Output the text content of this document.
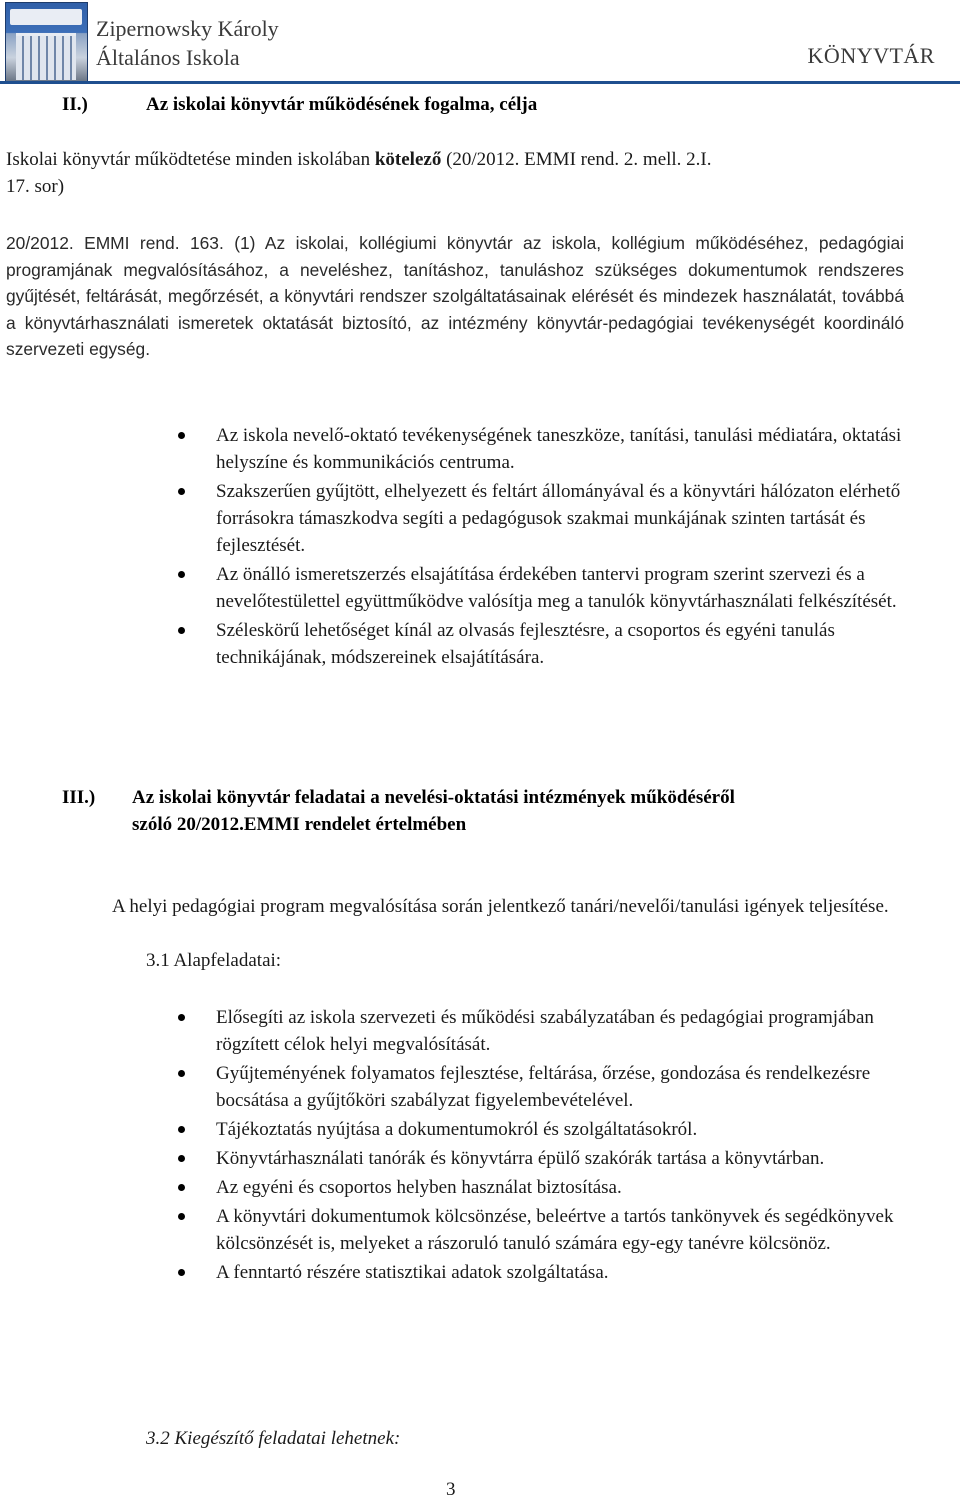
Zipernowsky Károly
Általános Iskola	KÖNYVTÁR
II.)	Az iskolai könyvtár működésének fogalma, célja
Iskolai könyvtár működtetése minden iskolában kötelező (20/2012. EMMI rend. 2. mell. 2.I.
17. sor)
20/2012. EMMI rend. 163. (1) Az iskolai, kollégiumi könyvtár az iskola, kollégium működéséhez, pedagógiai programjának megvalósításához, a neveléshez, tanításhoz, tanuláshoz szükséges dokumentumok rendszeres gyűjtését, feltárását, megőrzését, a könyvtári rendszer szolgáltatásainak elérését és mindezek használatát, továbbá a könyvtárhasználati ismeretek oktatását biztosító, az intézmény könyvtár-pedagógiai tevékenységét koordináló szervezeti egység.
Az iskola nevelő-oktató tevékenységének taneszköze, tanítási, tanulási médiatára, oktatási helyszíne és kommunikációs centruma.
Szakszerűen gyűjtött, elhelyezett és feltárt állományával és a könyvtári hálózaton elérhető forrásokra támaszkodva segíti a pedagógusok szakmai munkájának szinten tartását és fejlesztését.
Az önálló ismeretszerzés elsajátítása érdekében tantervi program szerint szervezi és a nevelőtestülettel együttműködve valósítja meg a tanulók könyvtárhasználati felkészítését.
Széleskörű lehetőséget kínál az olvasás fejlesztésre, a csoportos és egyéni tanulás technikájának, módszereinek elsajátítására.
III.) Az iskolai könyvtár feladatai a nevelési-oktatási intézmények működéséről
szóló 20/2012.EMMI rendelet értelmében
A helyi pedagógiai program megvalósítása során jelentkező tanári/nevelői/tanulási igények teljesítése.
3.1 Alapfeladatai:
Elősegíti az iskola szervezeti és működési szabályzatában és pedagógiai programjában rögzített célok helyi megvalósítását.
Gyűjteményének folyamatos fejlesztése, feltárása, őrzése, gondozása és rendelkezésre bocsátása a gyűjtőköri szabályzat figyelembevételével.
Tájékoztatás nyújtása a dokumentumokról és szolgáltatásokról.
Könyvtárhasználati tanórák és könyvtárra épülő szakórák tartása a könyvtárban.
Az egyéni és csoportos helyben használat biztosítása.
A könyvtári dokumentumok kölcsönzése, beleértve a tartós tankönyvek és segédkönyvek kölcsönzését is, melyeket a rászoruló tanuló számára egy-egy tanévre kölcsönöz.
A fenntartó részére statisztikai adatok szolgáltatása.
3.2 Kiegészítő feladatai lehetnek:
3
